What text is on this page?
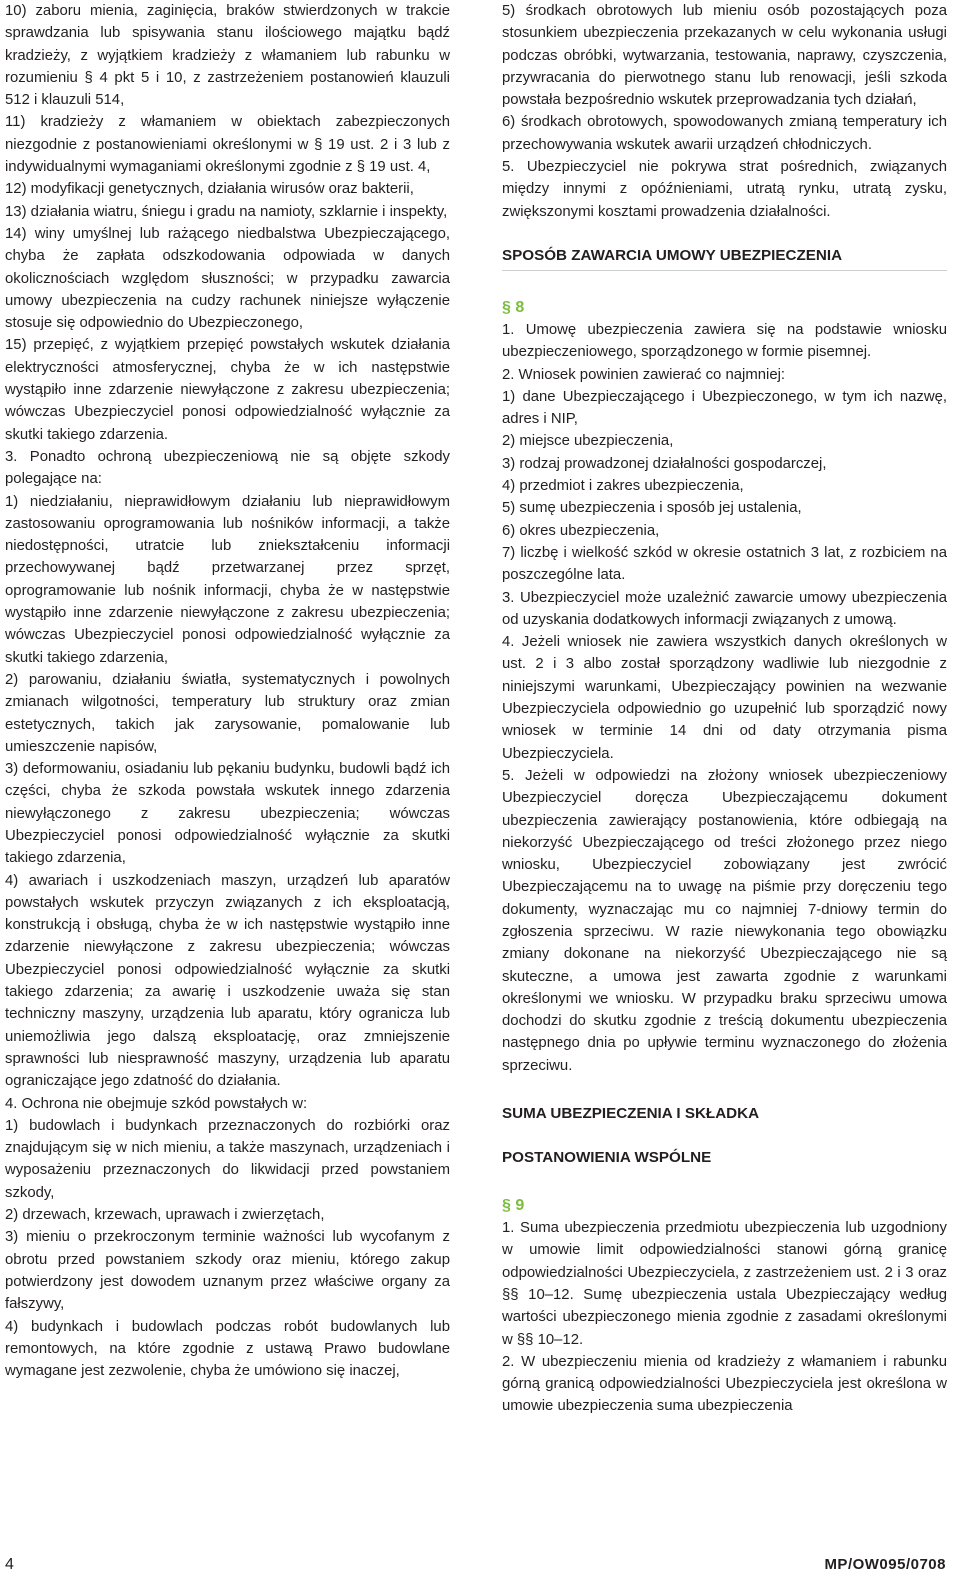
10) zaboru mienia, zaginięcia, braków stwierdzonych w trakcie sprawdzania lub spisywania stanu ilościowego majątku bądź kradzieży, z wyjątkiem kradzieży z włamaniem lub rabunku w rozumieniu § 4 pkt 5 i 10, z zastrzeżeniem postanowień klauzuli 512 i klauzuli 514,

11) kradzieży z włamaniem w obiektach zabezpieczonych niezgodnie z postanowieniami określonymi w § 19 ust. 2 i 3 lub z indywidualnymi wymaganiami określonymi zgodnie z § 19 ust. 4,

12) modyfikacji genetycznych, działania wirusów oraz bakterii,

13) działania wiatru, śniegu i gradu na namioty, szklarnie i inspekty,

14) winy umyślnej lub rażącego niedbalstwa Ubezpieczającego, chyba że zapłata odszkodowania odpowiada w danych okolicznościach względom słuszności; w przypadku zawarcia umowy ubezpieczenia na cudzy rachunek niniejsze wyłączenie stosuje się odpowiednio do Ubezpieczonego,

15) przepięć, z wyjątkiem przepięć powstałych wskutek działania elektryczności atmosferycznej, chyba że w ich następstwie wystąpiło inne zdarzenie niewyłączone z zakresu ubezpieczenia; wówczas Ubezpieczyciel ponosi odpowiedzialność wyłącznie za skutki takiego zdarzenia.

3. Ponadto ochroną ubezpieczeniową nie są objęte szkody polegające na:

1) niedziałaniu, nieprawidłowym działaniu lub nieprawidłowym zastosowaniu oprogramowania lub nośników informacji, a także niedostępności, utratcie lub zniekształceniu informacji przechowywanej bądź przetwarzanej przez sprzęt, oprogramowanie lub nośnik informacji, chyba że w następstwie wystąpiło inne zdarzenie niewyłączone z zakresu ubezpieczenia; wówczas Ubezpieczyciel ponosi odpowiedzialność wyłącznie za skutki takiego zdarzenia,

2) parowaniu, działaniu światła, systematycznych i powolnych zmianach wilgotności, temperatury lub struktury oraz zmian estetycznych, takich jak zarysowanie, pomalowanie lub umieszczenie napisów,

3) deformowaniu, osiadaniu lub pękaniu budynku, budowli bądź ich części, chyba że szkoda powstała wskutek innego zdarzenia niewyłączonego z zakresu ubezpieczenia; wówczas Ubezpieczyciel ponosi odpowiedzialność wyłącznie za skutki takiego zdarzenia,

4) awariach i uszkodzeniach maszyn, urządzeń lub aparatów powstałych wskutek przyczyn związanych z ich eksploatacją, konstrukcją i obsługą, chyba że w ich następstwie wystąpiło inne zdarzenie niewyłączone z zakresu ubezpieczenia; wówczas Ubezpieczyciel ponosi odpowiedzialność wyłącznie za skutki takiego zdarzenia; za awarię i uszkodzenie uważa się stan techniczny maszyny, urządzenia lub aparatu, który ogranicza lub uniemożliwia jego dalszą eksploatację, oraz zmniejszenie sprawności lub niesprawność maszyny, urządzenia lub aparatu ograniczające jego zdatność do działania.

4. Ochrona nie obejmuje szkód powstałych w:

1) budowlach i budynkach przeznaczonych do rozbiórki oraz znajdującym się w nich mieniu, a także maszynach, urządzeniach i wyposażeniu przeznaczonych do likwidacji przed powstaniem szkody,

2) drzewach, krzewach, uprawach i zwierzętach,

3) mieniu o przekroczonym terminie ważności lub wycofanym z obrotu przed powstaniem szkody oraz mieniu, którego zakup potwierdzony jest dowodem uznanym przez właściwe organy za fałszywy,

4) budynkach i budowlach podczas robót budowlanych lub remontowych, na które zgodnie z ustawą Prawo budowlane wymagane jest zezwolenie, chyba że umówiono się inaczej,

5) środkach obrotowych lub mieniu osób pozostających poza stosunkiem ubezpieczenia przekazanych w celu wykonania usługi podczas obróbki, wytwarzania, testowania, naprawy, czyszczenia, przywracania do pierwotnego stanu lub renowacji, jeśli szkoda powstała bezpośrednio wskutek przeprowadzania tych działań,

6) środkach obrotowych, spowodowanych zmianą temperatury ich przechowywania wskutek awarii urządzeń chłodniczych.

5. Ubezpieczyciel nie pokrywa strat pośrednich, związanych między innymi z opóźnieniami, utratą rynku, utratą zysku, zwiększonymi kosztami prowadzenia działalności.

SPOSÓB ZAWARCIA UMOWY UBEZPIECZENIA

§ 8

1. Umowę ubezpieczenia zawiera się na podstawie wniosku ubezpieczeniowego, sporządzonego w formie pisemnej.

2. Wniosek powinien zawierać co najmniej:

1) dane Ubezpieczającego i Ubezpieczonego, w tym ich nazwę, adres i NIP,

2) miejsce ubezpieczenia,

3) rodzaj prowadzonej działalności gospodarczej,

4) przedmiot i zakres ubezpieczenia,

5) sumę ubezpieczenia i sposób jej ustalenia,

6) okres ubezpieczenia,

7) liczbę i wielkość szkód w okresie ostatnich 3 lat, z rozbiciem na poszczególne lata.

3. Ubezpieczyciel może uzależnić zawarcie umowy ubezpieczenia od uzyskania dodatkowych informacji związanych z umową.

4. Jeżeli wniosek nie zawiera wszystkich danych określonych w ust. 2 i 3 albo został sporządzony wadliwie lub niezgodnie z niniejszymi warunkami, Ubezpieczający powinien na wezwanie Ubezpieczyciela odpowiednio go uzupełnić lub sporządzić nowy wniosek w terminie 14 dni od daty otrzymania pisma Ubezpieczyciela.

5. Jeżeli w odpowiedzi na złożony wniosek ubezpieczeniowy Ubezpieczyciel doręcza Ubezpieczającemu dokument ubezpieczenia zawierający postanowienia, które odbiegają na niekorzyść Ubezpieczającego od treści złożonego przez niego wniosku, Ubezpieczyciel zobowiązany jest zwrócić Ubezpieczającemu na to uwagę na piśmie przy doręczeniu tego dokumenty, wyznaczając mu co najmniej 7-dniowy termin do zgłoszenia sprzeciwu. W razie niewykonania tego obowiązku zmiany dokonane na niekorzyść Ubezpieczającego nie są skuteczne, a umowa jest zawarta zgodnie z warunkami określonymi we wniosku. W przypadku braku sprzeciwu umowa dochodzi do skutku zgodnie z treścią dokumentu ubezpieczenia następnego dnia po upływie terminu wyznaczonego do złożenia sprzeciwu.

SUMA UBEZPIECZENIA I SKŁADKA
POSTANOWIENIA WSPÓLNE

§ 9

1. Suma ubezpieczenia przedmiotu ubezpieczenia lub uzgodniony w umowie limit odpowiedzialności stanowi górną granicę odpowiedzialności Ubezpieczyciela, z zastrzeżeniem ust. 2 i 3 oraz §§ 10–12. Sumę ubezpieczenia ustala Ubezpieczający według wartości ubezpieczonego mienia zgodnie z zasadami określonymi w §§ 10–12.

2. W ubezpieczeniu mienia od kradzieży z włamaniem i rabunku górną granicą odpowiedzialności Ubezpieczyciela jest określona w umowie ubezpieczenia suma ubezpieczenia

4	MP/OW095/0708
